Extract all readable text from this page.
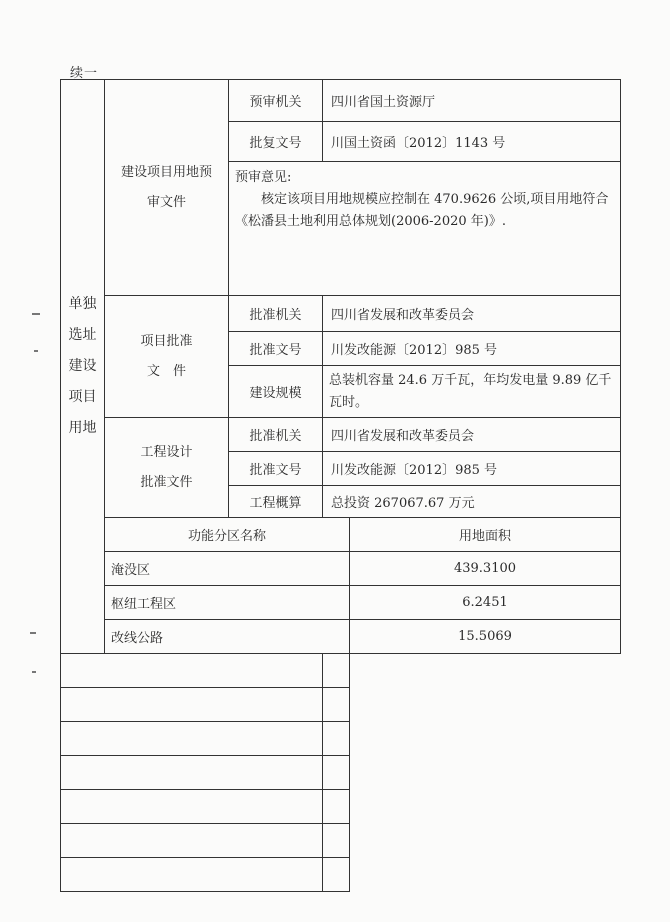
续一
单独选址建设项目用地	建设项目用地预审文件	预审机关	四川省国土资源厅	
		批复文号	川国土资函〔2012〕1143 号	

		预审意见:
核定该项目用地规模应控制在 470.9626 公顷,项目用地符合《松潘县土地利用总体规划(2006-2020 年)》.		

	项目批准
文　件	批准机关	四川省发展和改革委员会	
		批准文号	川发改能源〔2012〕985 号	
		建设规模	总装机容量 24.6 万千瓦，年均发电量 9.89 亿千瓦时。	

	工程设计
批准文件	批准机关	四川省发展和改革委员会	
		批准文号	川发改能源〔2012〕985 号	
		工程概算	总投资 267067.67 万元	
	功能分区名称			用地面积
	淹没区			439.3100
	枢纽工程区			6.2451
	改线公路			15.5069
